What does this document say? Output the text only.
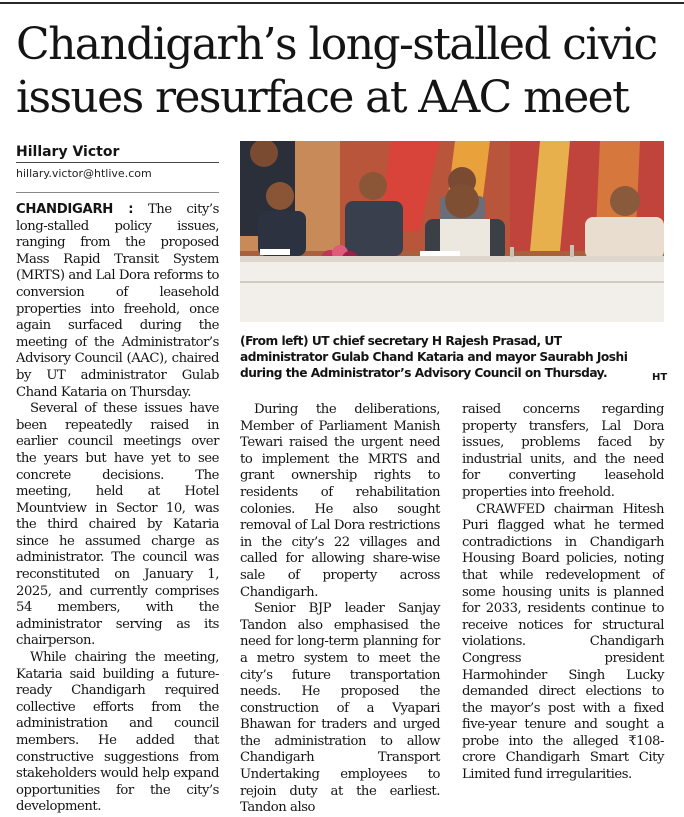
Chandigarh’s long-stalled civic issues resurface at AAC meet
Hillary Victor
hillary.victor@htlive.com

CHANDIGARH : The city’s long-stalled policy issues, ranging from the proposed Mass Rapid Transit System (MRTS) and Lal Dora reforms to conversion of leasehold properties into freehold, once again surfaced during the meeting of the Administrator’s Advisory Council (AAC), chaired by UT administrator Gulab Chand Kataria on Thursday.

Several of these issues have been repeatedly raised in earlier council meetings over the years but have yet to see concrete decisions. The meeting, held at Hotel Mountview in Sector 10, was the third chaired by Kataria since he assumed charge as administrator. The council was reconstituted on January 1, 2025, and currently comprises 54 members, with the administrator serving as its chairperson.

While chairing the meeting, Kataria said building a future-ready Chandigarh required collective efforts from the administration and council members. He added that constructive suggestions from stakeholders would help expand opportunities for the city’s development.

(From left) UT chief secretary H Rajesh Prasad, UT administrator Gulab Chand Kataria and mayor Saurabh Joshi during the Administrator’s Advisory Council on Thursday.	HT

During the deliberations, Member of Parliament Manish Tewari raised the urgent need to implement the MRTS and grant ownership rights to residents of rehabilitation colonies. He also sought removal of Lal Dora restrictions in the city’s 22 villages and called for allowing share-wise sale of property across Chandigarh.

Senior BJP leader Sanjay Tandon also emphasised the need for long-term planning for a metro system to meet the city’s future transportation needs. He proposed the construction of a Vyapari Bhawan for traders and urged the administration to allow Chandigarh Transport Undertaking employees to rejoin duty at the earliest. Tandon also

raised concerns regarding property transfers, Lal Dora issues, problems faced by industrial units, and the need for converting leasehold properties into freehold.

CRAWFED chairman Hitesh Puri flagged what he termed contradictions in Chandigarh Housing Board policies, noting that while redevelopment of some housing units is planned for 2033, residents continue to receive notices for structural violations. Chandigarh Congress president Harmohinder Singh Lucky demanded direct elections to the mayor’s post with a fixed five-year tenure and sought a probe into the alleged ₹108-crore Chandigarh Smart City Limited fund irregularities.
